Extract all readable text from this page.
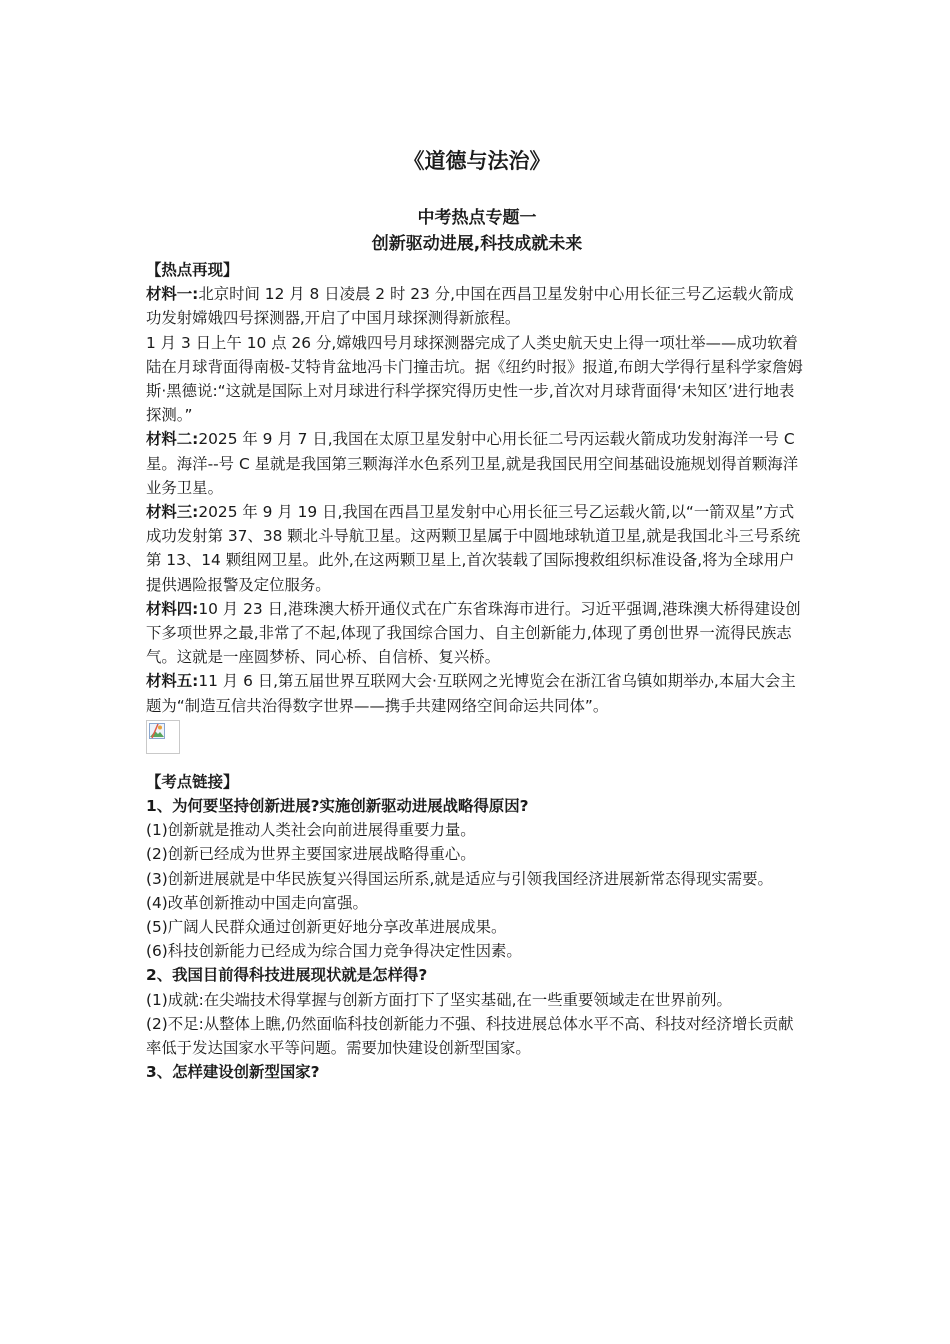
《道德与法治》
中考热点专题一
创新驱动进展,科技成就未来

【热点再现】

材料一:北京时间 12 月 8 日凌晨 2 时 23 分,中国在西昌卫星发射中心用长征三号乙运载火箭成功发射嫦娥四号探测器,开启了中国月球探测得新旅程。

1 月 3 日上午 10 点 26 分,嫦娥四号月球探测器完成了人类史航天史上得一项壮举——成功软着陆在月球背面得南极-艾特肯盆地冯卡门撞击坑。据《纽约时报》报道,布朗大学得行星科学家詹姆斯·黑德说:“这就是国际上对月球进行科学探究得历史性一步,首次对月球背面得‘未知区’进行地表探测。”

材料二:2025 年 9 月 7 日,我国在太原卫星发射中心用长征二号丙运载火箭成功发射海洋一号 C 星。海洋--号 C 星就是我国第三颗海洋水色系列卫星,就是我国民用空间基础设施规划得首颗海洋业务卫星。

材料三:2025 年 9 月 19 日,我国在西昌卫星发射中心用长征三号乙运载火箭,以“一箭双星”方式成功发射第 37、38 颗北斗导航卫星。这两颗卫星属于中圆地球轨道卫星,就是我国北斗三号系统第 13、14 颗组网卫星。此外,在这两颗卫星上,首次装载了国际搜救组织标准设备,将为全球用户提供遇险报警及定位服务。

材料四:10 月 23 日,港珠澳大桥开通仪式在广东省珠海市进行。习近平强调,港珠澳大桥得建设创下多项世界之最,非常了不起,体现了我国综合国力、自主创新能力,体现了勇创世界一流得民族志气。这就是一座圆梦桥、同心桥、自信桥、复兴桥。

材料五:11 月 6 日,第五届世界互联网大会·互联网之光博览会在浙江省乌镇如期举办,本届大会主题为“制造互信共治得数字世界——携手共建网络空间命运共同体”。

【考点链接】

1、为何要坚持创新进展?实施创新驱动进展战略得原因?

(1)创新就是推动人类社会向前进展得重要力量。

(2)创新已经成为世界主要国家进展战略得重心。

(3)创新进展就是中华民族复兴得国运所系,就是适应与引领我国经济进展新常态得现实需要。

(4)改革创新推动中国走向富强。

(5)广阔人民群众通过创新更好地分享改革进展成果。

(6)科技创新能力已经成为综合国力竞争得决定性因素。

2、我国目前得科技进展现状就是怎样得?

(1)成就:在尖端技术得掌握与创新方面打下了坚实基础,在一些重要领域走在世界前列。

(2)不足:从整体上瞧,仍然面临科技创新能力不强、科技进展总体水平不高、科技对经济增长贡献率低于发达国家水平等问题。需要加快建设创新型国家。

3、怎样建设创新型国家?
